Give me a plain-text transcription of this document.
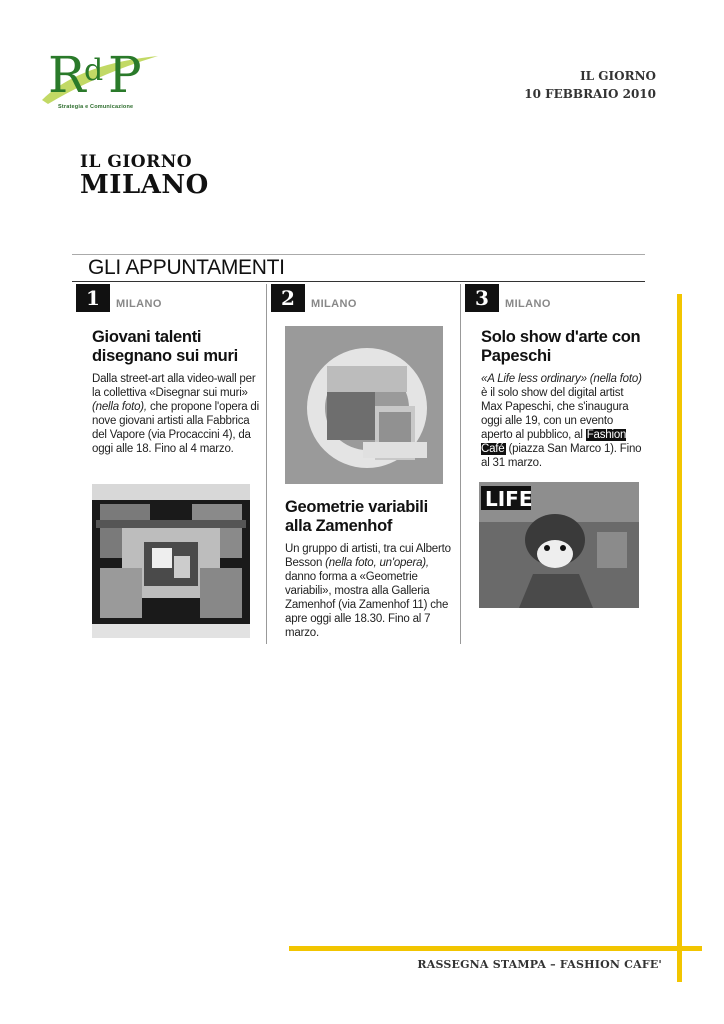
R
d P
Strategia e Comunicazione
IL GIORNO
10 FEBBRAIO 2010
IL GIORNO
MILANO
GLI APPUNTAMENTI
1	MILANO
Giovani talenti disegnano sui muri
Dalla street-art alla video-wall per la collettiva «Disegnar sui muri» (nella foto), che propone l'opera di nove giovani artisti alla Fabbrica del Vapore (via Procaccini 4), da oggi alle 18. Fino al 4 marzo.
2	MILANO
Geometrie variabili alla Zamenhof
Un gruppo di artisti, tra cui Alberto Besson (nella foto, un'opera), danno forma a «Geometrie variabili», mostra alla Galleria Zamenhof (via Zamenhof 11) che apre oggi alle 18.30. Fino al 7 marzo.
3	MILANO
Solo show d'arte con Papeschi
«A Life less ordinary» (nella foto) è il solo show del digital artist Max Papeschi, che s'inaugura oggi alle 19, con un evento aperto al pubblico, al Fashion Café (piazza San Marco 1). Fino al 31 marzo.
LIFE
RASSEGNA STAMPA – FASHION CAFE'
